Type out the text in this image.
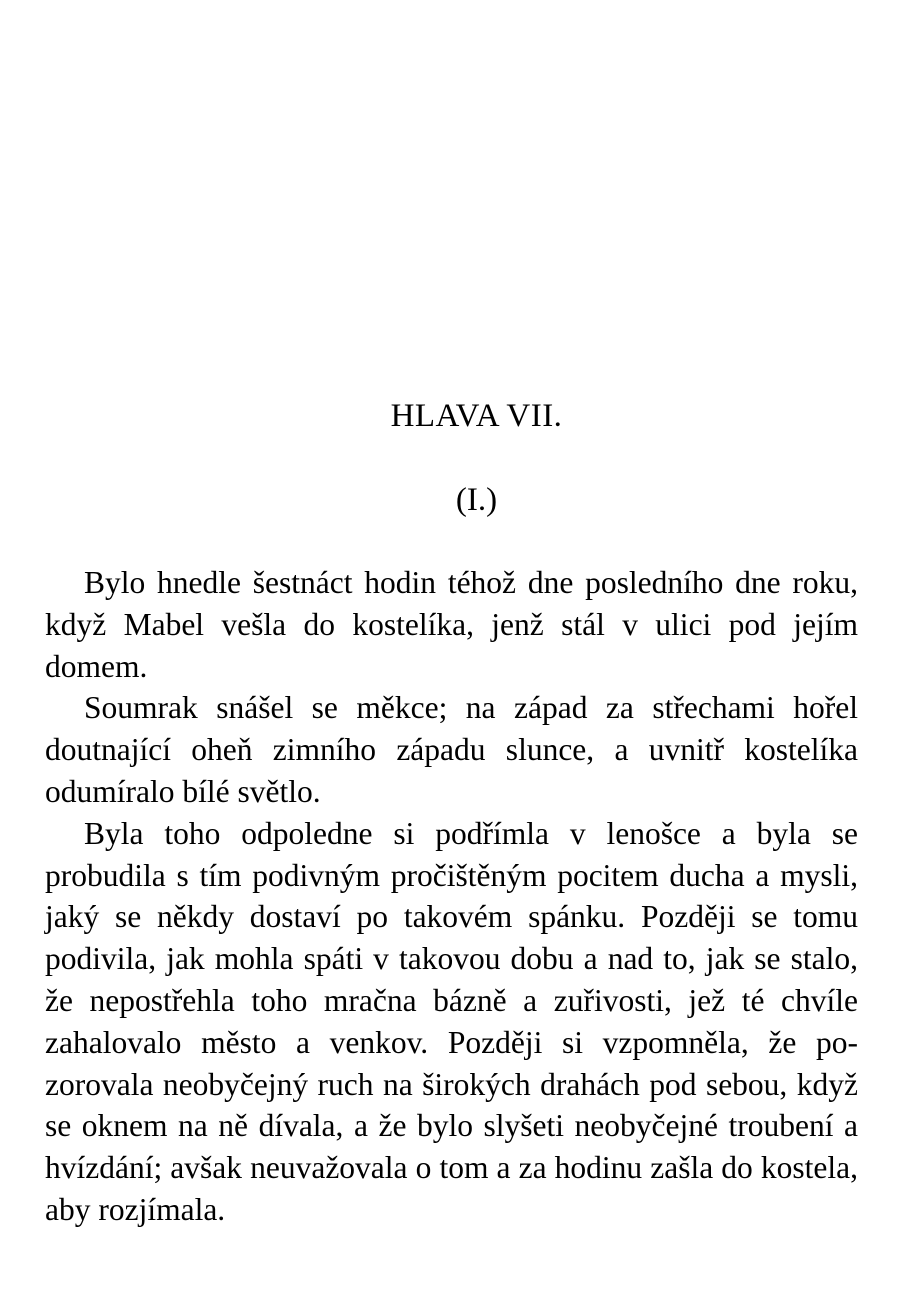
HLAVA VII.

(I.)

Bylo hnedle šestnáct hodin téhož dne posledního dne roku, když Mabel vešla do kostelíka, jenž stál v ulici pod jejím domem.

Soumrak snášel se měkce; na západ za střechami hořel doutnající oheň zimního západu slunce, a uvnitř kostelíka odumíralo bílé světlo.

Byla toho odpoledne si podřímla v lenošce a byla se probudila s tím podivným pročištěným pocitem ducha a mysli, jaký se někdy dostaví po takovém spánku. Později se tomu podivila, jak mohla spáti v takovou dobu a nad to, jak se stalo, že nepostřehla toho mračna bázně a zuřivosti, jež té chvíle zahalovalo město a venkov. Později si vzpomněla, že pozorovala neobyčejný ruch na širokých drahách pod sebou, když se oknem na ně dívala, a že bylo slyšeti neobyčejné troubení a hvízdání; avšak neuvažovala o tom a za hodinu zašla do kostela, aby rozjímala.
